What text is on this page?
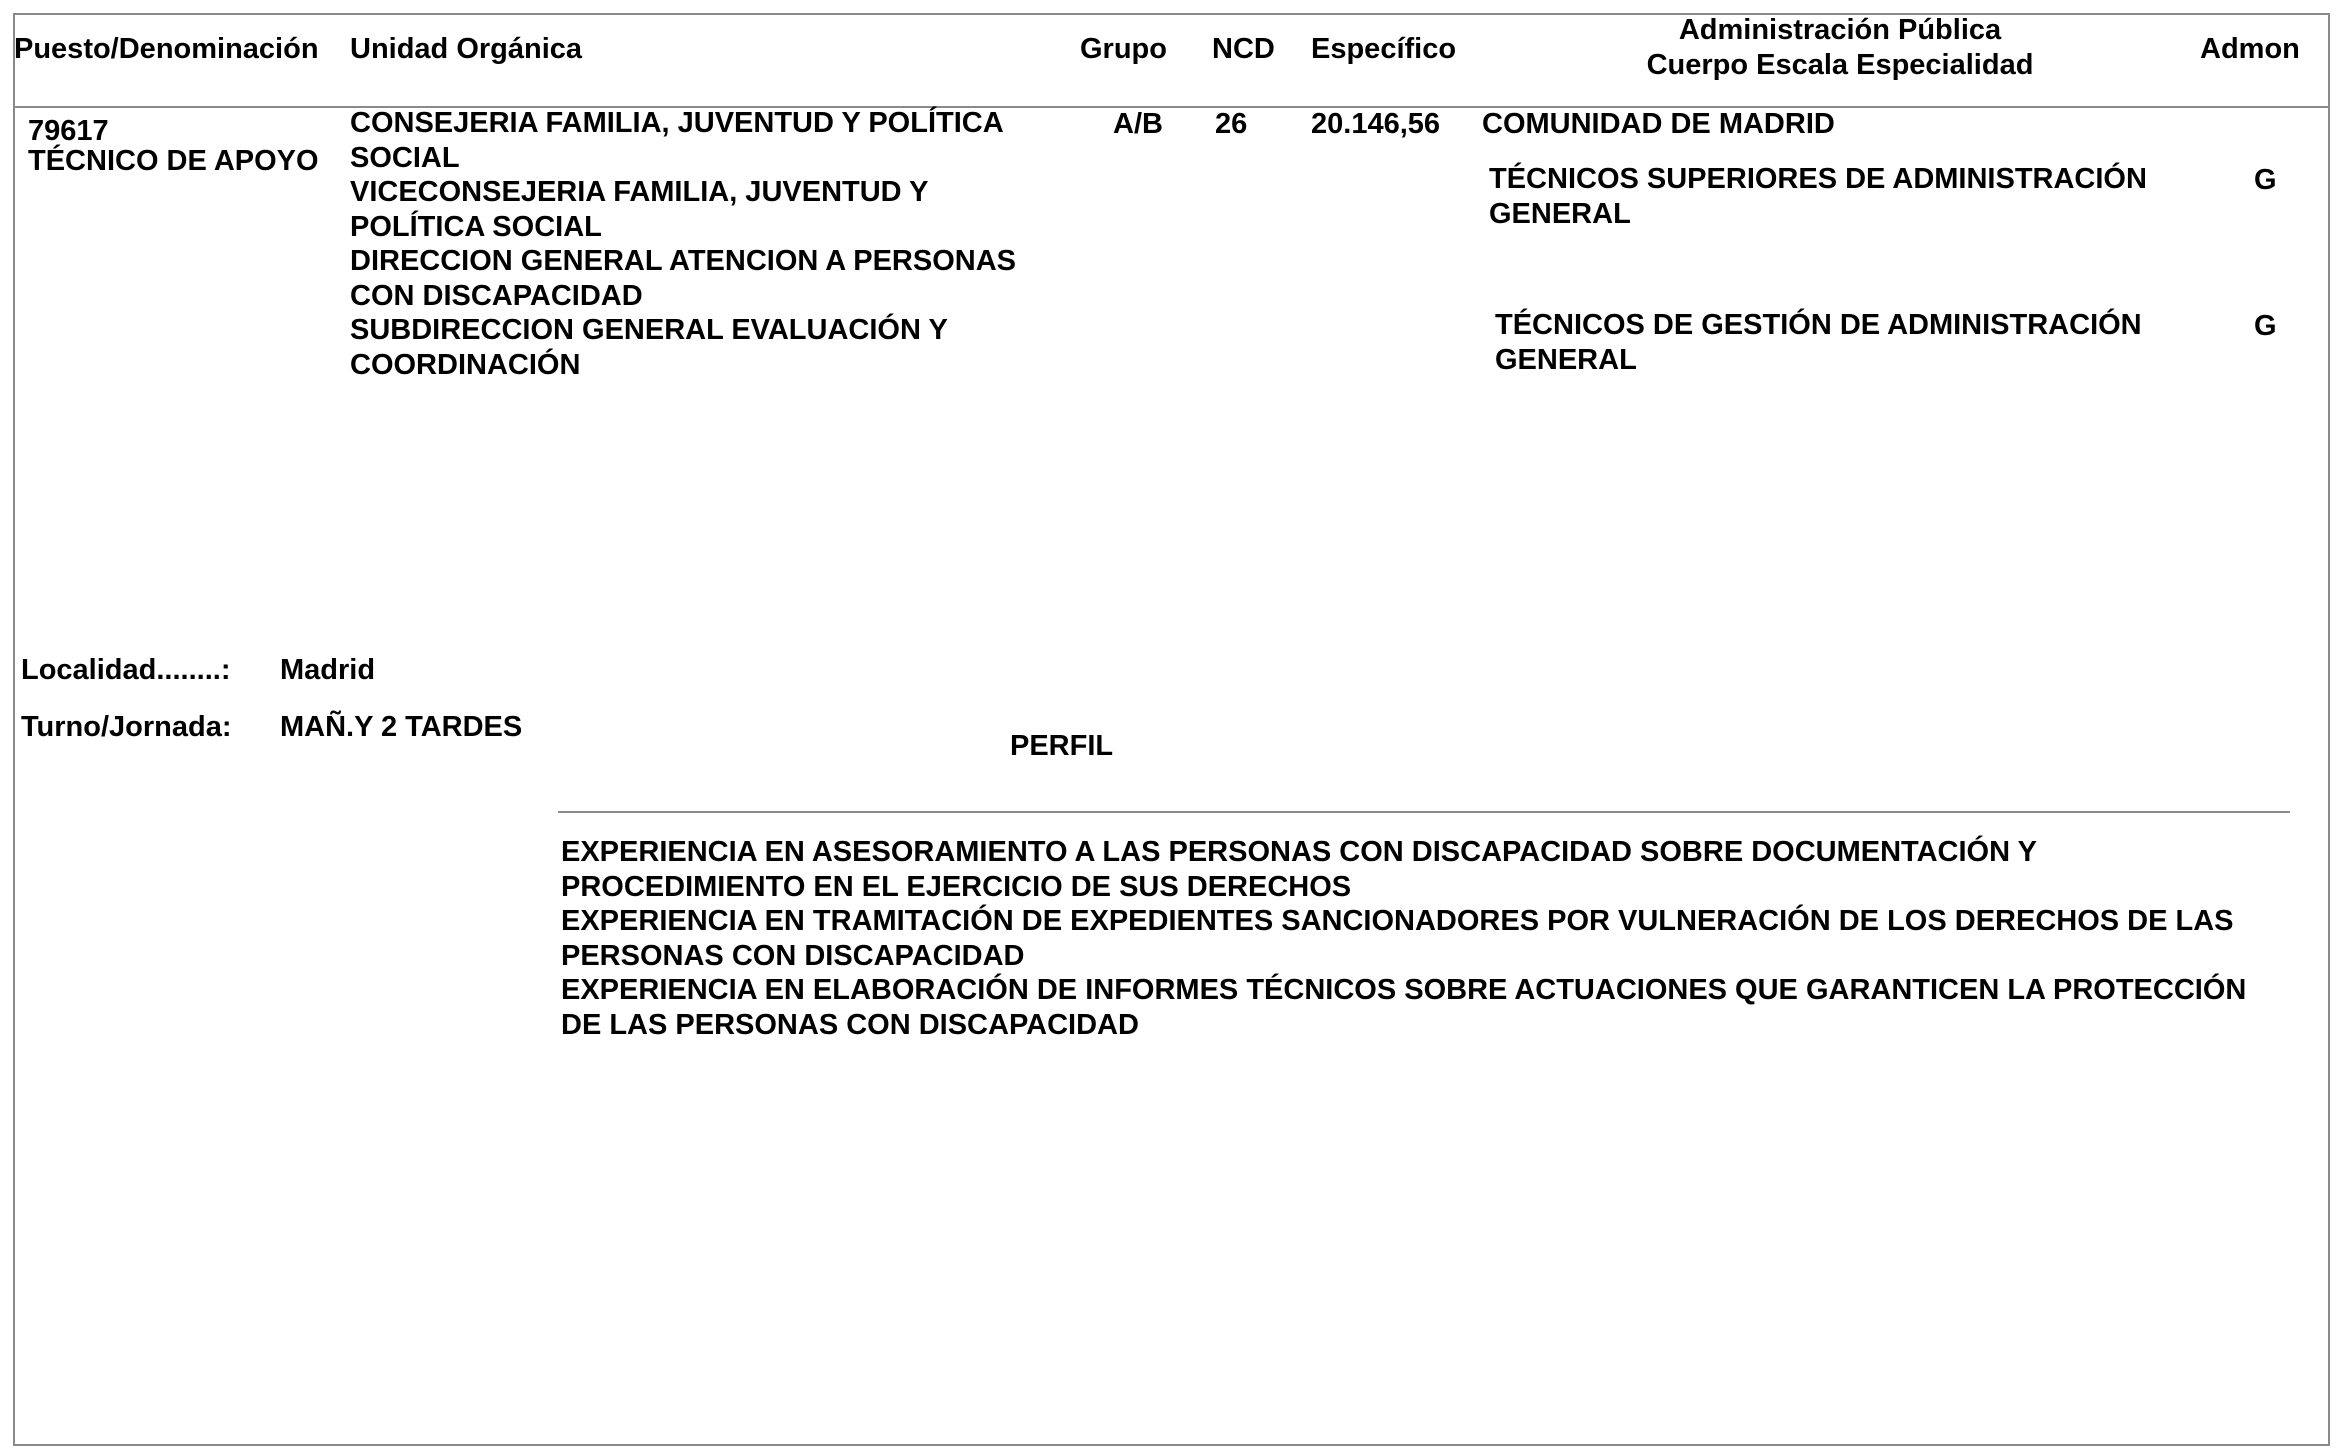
Puesto/Denominación Unidad Orgánica	Grupo NCD Específico
Administración Pública
Cuerpo Escala Especialidad	Admon
79617
TÉCNICO DE APOYO
CONSEJERIA FAMILIA, JUVENTUD Y POLÍTICA
SOCIAL
VICECONSEJERIA FAMILIA, JUVENTUD Y
POLÍTICA SOCIAL
DIRECCION GENERAL ATENCION A PERSONAS
CON DISCAPACIDAD
SUBDIRECCION GENERAL EVALUACIÓN Y
COORDINACIÓN
A/B 26 20.146,56 COMUNIDAD DE MADRID
TÉCNICOS SUPERIORES DE ADMINISTRACIÓN
GENERAL
G
TÉCNICOS DE GESTIÓN DE ADMINISTRACIÓN
GENERAL
G
Localidad........: Madrid
Turno/Jornada: MAÑ.Y 2 TARDES
PERFIL
EXPERIENCIA EN ASESORAMIENTO A LAS PERSONAS CON DISCAPACIDAD SOBRE DOCUMENTACIÓN Y
PROCEDIMIENTO EN EL EJERCICIO DE SUS DERECHOS
EXPERIENCIA EN TRAMITACIÓN DE EXPEDIENTES SANCIONADORES POR VULNERACIÓN DE LOS DERECHOS DE LAS
PERSONAS CON DISCAPACIDAD
EXPERIENCIA EN ELABORACIÓN DE INFORMES TÉCNICOS SOBRE ACTUACIONES QUE GARANTICEN LA PROTECCIÓN
DE LAS PERSONAS CON DISCAPACIDAD
